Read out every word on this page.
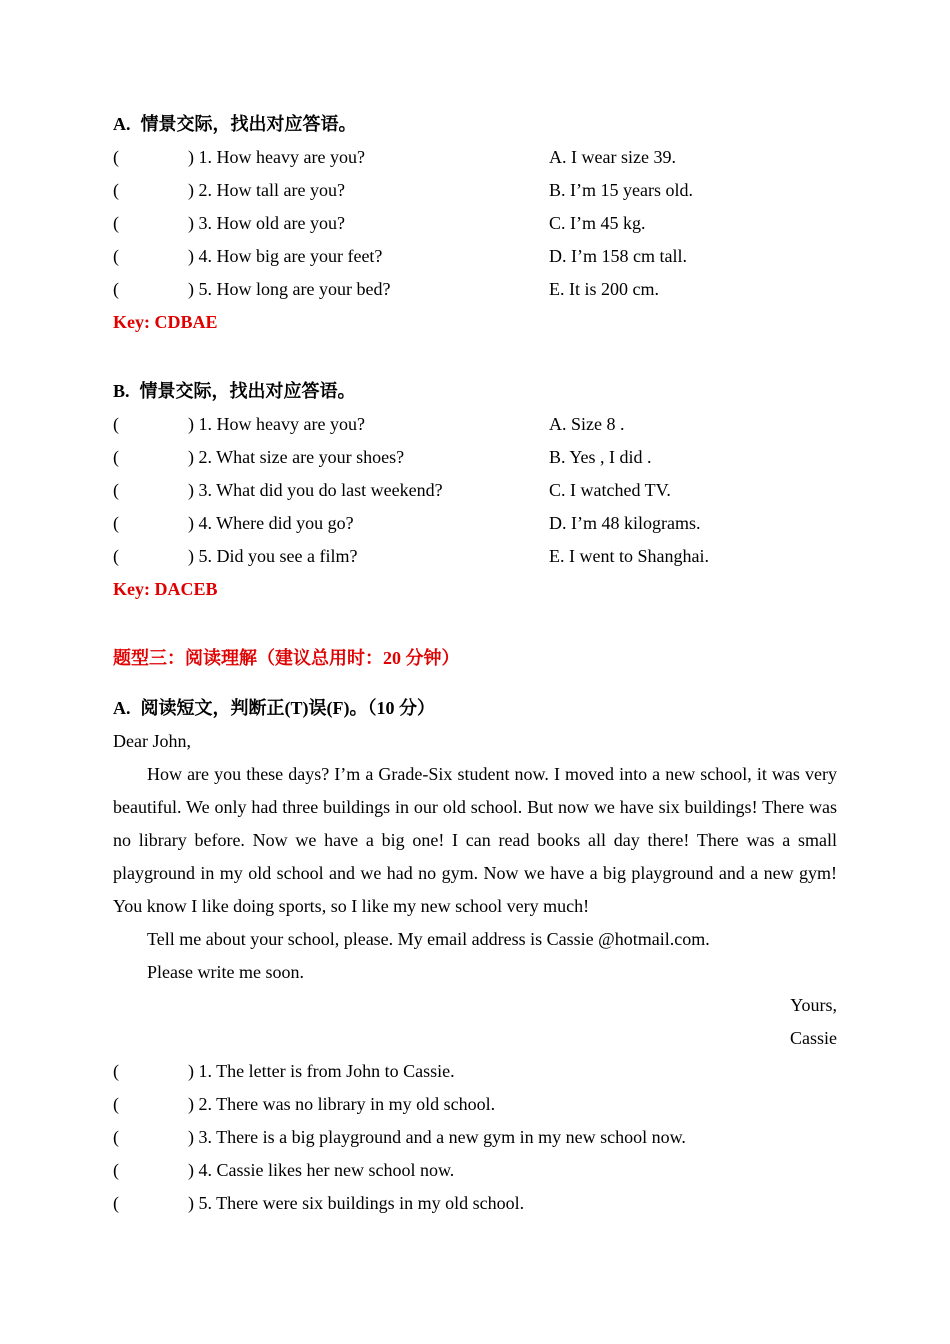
A. 情景交际，找出对应答语。
(	) 1. How heavy are you?	A. I wear size 39.
(	) 2. How tall are you?	B. I’m 15 years old.
(	) 3. How old are you?	C. I’m 45 kg.
(	) 4. How big are your feet?	D. I’m 158 cm tall.
(	) 5. How long are your bed?	E. It is 200 cm.
Key: CDBAE
B. 情景交际，找出对应答语。
(	) 1. How heavy are you?	A. Size 8 .
(	) 2. What size are your shoes?	B. Yes , I did .
(	) 3. What did you do last weekend?	C. I watched TV.
(	) 4. Where did you go?	D. I’m 48 kilograms.
(	) 5. Did you see a film?	E. I went to Shanghai.
Key: DACEB
题型三：阅读理解（建议总用时：20 分钟）
A. 阅读短文，判断正(T)误(F)。（10 分）
Dear John,
How are you these days? I’m a Grade-Six student now. I moved into a new school, it was very beautiful. We only had three buildings in our old school. But now we have six buildings! There was no library before. Now we have a big one! I can read books all day there! There was a small playground in my old school and we had no gym. Now we have a big playground and a new gym! You know I like doing sports, so I like my new school very much!
Tell me about your school, please. My email address is Cassie @hotmail.com.
Please write me soon.
Yours,
Cassie
(	) 1. The letter is from John to Cassie.
(	) 2. There was no library in my old school.
(	) 3. There is a big playground and a new gym in my new school now.
(	) 4. Cassie likes her new school now.
(	) 5. There were six buildings in my old school.
